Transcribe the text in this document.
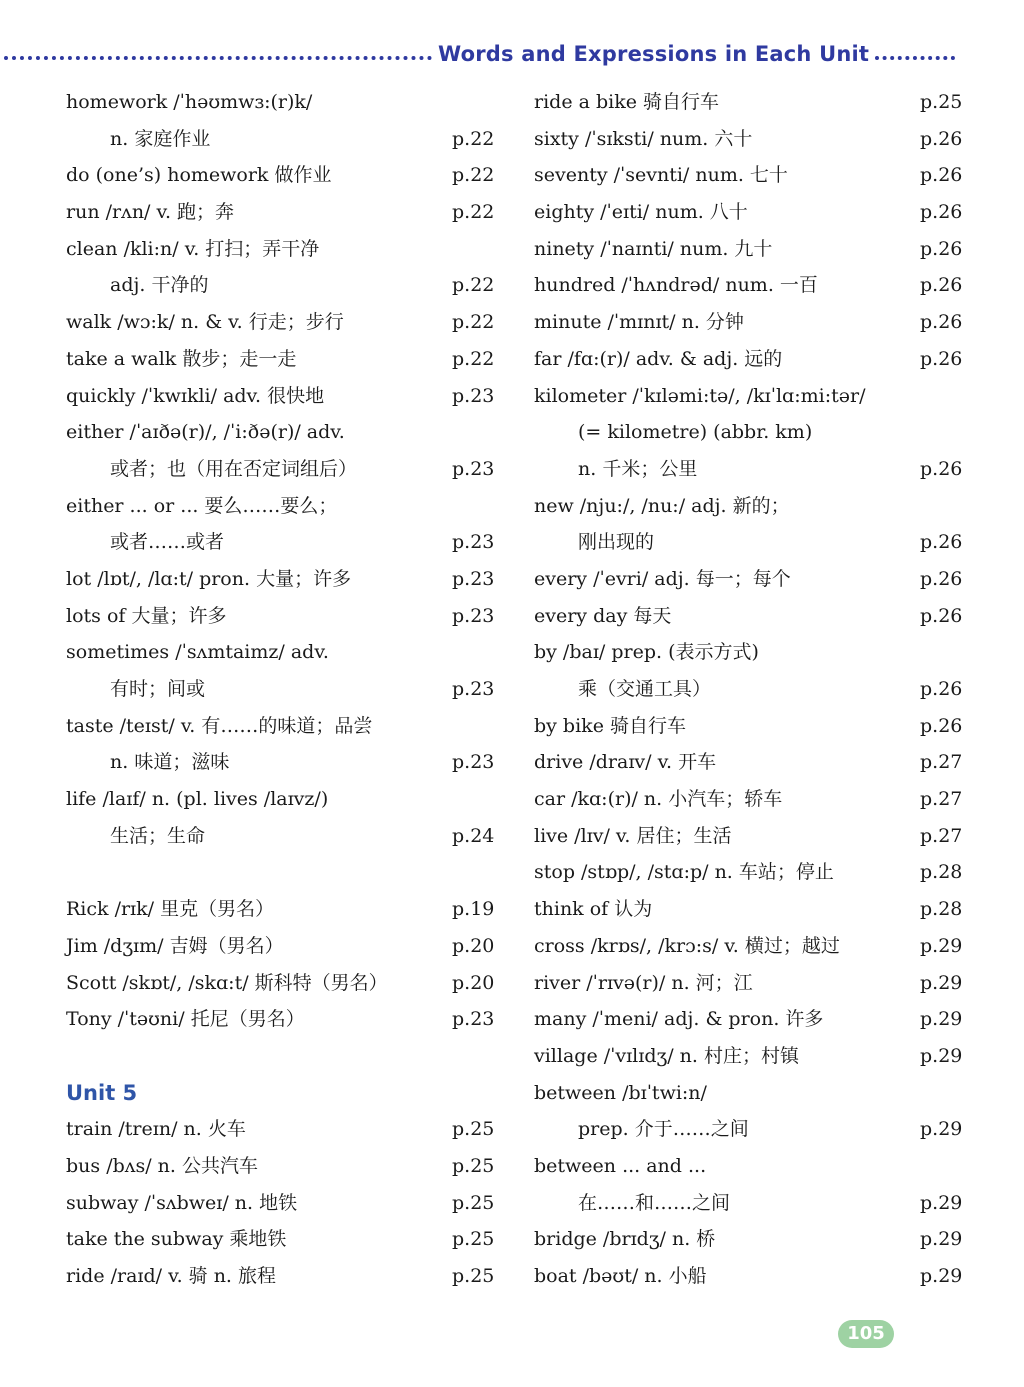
Words and Expressions in Each Unit
homework /ˈhəʊmwɜ:(r)k/
n. 家庭作业	p.22
do (one’s) homework 做作业	p.22
run /rʌn/ v. 跑；奔	p.22
clean /kli:n/ v. 打扫；弄干净
adj. 干净的	p.22
walk /wɔ:k/ n. & v. 行走；步行	p.22
take a walk 散步；走一走	p.22
quickly /ˈkwɪkli/ adv. 很快地	p.23
either /ˈaɪðə(r)/, /ˈi:ðə(r)/ adv.
或者；也（用在否定词组后）	p.23
either ... or ... 要么……要么；
或者……或者	p.23
lot /lɒt/, /lɑ:t/ pron. 大量；许多	p.23
lots of 大量；许多	p.23
sometimes /ˈsʌmtaimz/ adv.
有时；间或	p.23
taste /teɪst/ v. 有……的味道；品尝
n. 味道；滋味	p.23
life /laɪf/ n. (pl. lives /laɪvz/)
生活；生命	p.24
Rick /rɪk/ 里克（男名）	p.19
Jim /dʒɪm/ 吉姆（男名）	p.20
Scott /skɒt/, /skɑ:t/ 斯科特（男名）	p.20
Tony /ˈtəʊni/ 托尼（男名）	p.23
Unit 5
train /treɪn/ n. 火车	p.25
bus /bʌs/ n. 公共汽车	p.25
subway /ˈsʌbweɪ/ n. 地铁	p.25
take the subway 乘地铁	p.25
ride /raɪd/ v. 骑 n. 旅程	p.25
ride a bike 骑自行车	p.25
sixty /ˈsɪksti/ num. 六十	p.26
seventy /ˈsevnti/ num. 七十	p.26
eighty /ˈeɪti/ num. 八十	p.26
ninety /ˈnaɪnti/ num. 九十	p.26
hundred /ˈhʌndrəd/ num. 一百	p.26
minute /ˈmɪnɪt/ n. 分钟	p.26
far /fɑ:(r)/ adv. & adj. 远的	p.26
kilometer /ˈkɪləmi:tə/, /kɪˈlɑ:mi:tər/
(= kilometre) (abbr. km)
n. 千米；公里	p.26
new /nju:/, /nu:/ adj. 新的；
刚出现的	p.26
every /ˈevri/ adj. 每一；每个	p.26
every day 每天	p.26
by /baɪ/ prep. (表示方式)
乘（交通工具）	p.26
by bike 骑自行车	p.26
drive /draɪv/ v. 开车	p.27
car /kɑ:(r)/ n. 小汽车；轿车	p.27
live /lɪv/ v. 居住；生活	p.27
stop /stɒp/, /stɑ:p/ n. 车站；停止	p.28
think of 认为	p.28
cross /krɒs/, /krɔ:s/ v. 横过；越过	p.29
river /ˈrɪvə(r)/ n. 河；江	p.29
many /ˈmeni/ adj. & pron. 许多	p.29
village /ˈvɪlɪdʒ/ n. 村庄；村镇	p.29
between /bɪˈtwi:n/
prep. 介于……之间	p.29
between ... and ...
在……和……之间	p.29
bridge /brɪdʒ/ n. 桥	p.29
boat /bəʊt/ n. 小船	p.29
105
